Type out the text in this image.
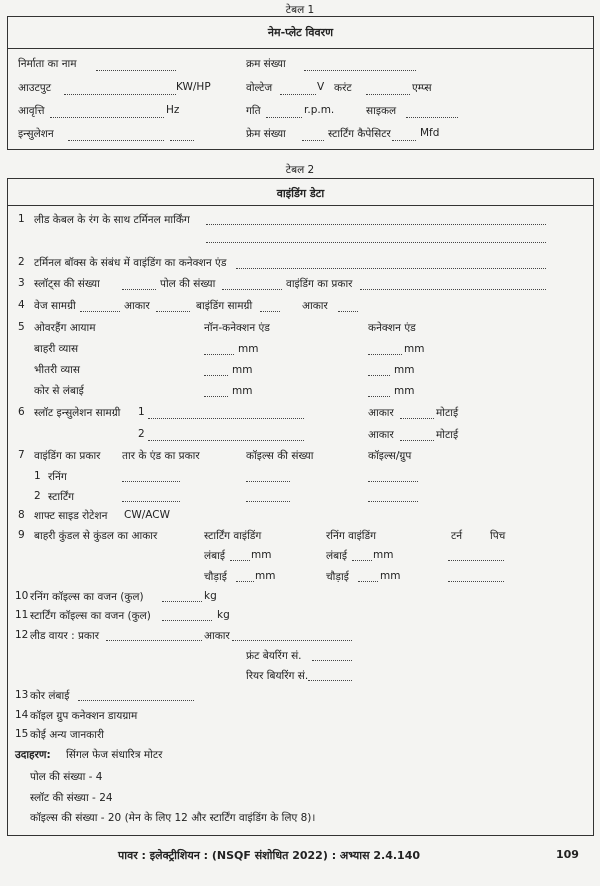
टेबल 1
नेम-प्लेट विवरण
निर्माता का नाम	क्रम संख्या
आउटपुट	KW/HP	वोल्टेज	V करंट	एम्प्स
आवृत्ति	Hz	गति	r.p.m.	साइकल
इन्सुलेशन	फ्रेम संख्या	स्टार्टिंग कैपेसिटर	Mfd
टेबल 2
वाइंडिंग डेटा
1 लीड केबल के रंग के साथ टर्मिनल मार्किंग
2 टर्मिनल बॉक्स के संबंध में वाइंडिंग का कनेक्शन एंड
3 स्लॉट्स की संख्या	पोल की संख्या	वाइंडिंग का प्रकार
4 वेज सामग्री	आकार	बाइंडिंग सामग्री	आकार
5 ओवरहैंग आयाम	नॉन-कनेक्शन एंड	कनेक्शन एंड
बाहरी व्यास	mm	mm
भीतरी व्यास	mm	mm
कोर से लंबाई	mm	mm
6 स्लॉट इन्सुलेशन सामग्री 1	आकार	मोटाई
2	आकार	मोटाई
7 वाइंडिंग का प्रकार तार के एंड का प्रकार	कॉइल्स की संख्या	कॉइल्स/ग्रुप
1 रनिंग
2 स्टार्टिंग
8 शाफ्ट साइड रोटेशन CW/ACW
9 बाहरी कुंडल से कुंडल का आकार	स्टार्टिंग वाइंडिंग	रनिंग वाइंडिंग	टर्न	पिच
लंबाई mm	लंबाई mm
चौड़ाई	mm	चौड़ाई	mm
10 रनिंग कॉइल्स का वजन (कुल)	kg
11 स्टार्टिंग कॉइल्स का वजन (कुल)	kg
12 लीड वायर : प्रकार	आकार
फ्रंट बेयरिंग सं.
रियर बियरिंग सं.
13 कोर लंबाई
14 कॉइल ग्रुप कनेक्शन डायग्राम
15 कोई अन्य जानकारी
उदाहरण: सिंगल फेज संधारित्र मोटर
पोल की संख्या - 4
स्लॉट की संख्या - 24
कॉइल्स की संख्या - 20 (मेन के लिए 12 और स्टार्टिंग वाइंडिंग के लिए 8)।
पावर : इलेक्ट्रीशियन : (NSQF संशोधित 2022) : अभ्यास 2.4.140	109
